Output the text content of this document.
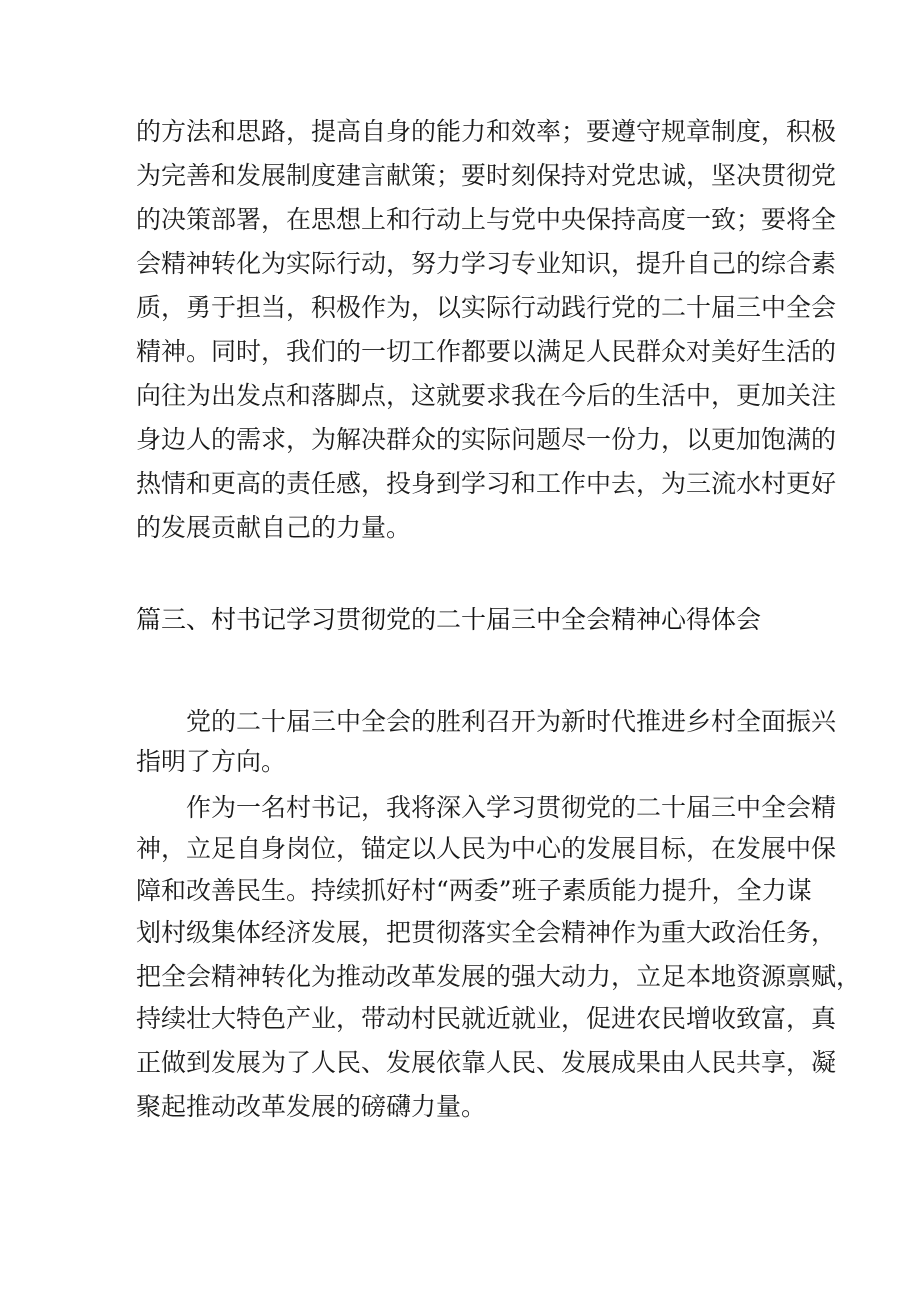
的方法和思路，提高自身的能力和效率；要遵守规章制度，积极
为完善和发展制度建言献策；要时刻保持对党忠诚，坚决贯彻党
的决策部署，在思想上和行动上与党中央保持高度一致；要将全
会精神转化为实际行动，努力学习专业知识，提升自己的综合素
质，勇于担当，积极作为，以实际行动践行党的二十届三中全会
精神。同时，我们的一切工作都要以满足人民群众对美好生活的
向往为出发点和落脚点，这就要求我在今后的生活中，更加关注
身边人的需求，为解决群众的实际问题尽一份力，以更加饱满的
热情和更高的责任感，投身到学习和工作中去，为三流水村更好
的发展贡献自己的力量。
篇三、村书记学习贯彻党的二十届三中全会精神心得体会
党的二十届三中全会的胜利召开为新时代推进乡村全面振兴
指明了方向。
作为一名村书记，我将深入学习贯彻党的二十届三中全会精
神，立足自身岗位，锚定以人民为中心的发展目标，在发展中保
障和改善民生。持续抓好村“两委”班子素质能力提升，全力谋
划村级集体经济发展，把贯彻落实全会精神作为重大政治任务，
把全会精神转化为推动改革发展的强大动力，立足本地资源禀赋，
持续壮大特色产业，带动村民就近就业，促进农民增收致富，真
正做到发展为了人民、发展依靠人民、发展成果由人民共享，凝
聚起推动改革发展的磅礴力量。
